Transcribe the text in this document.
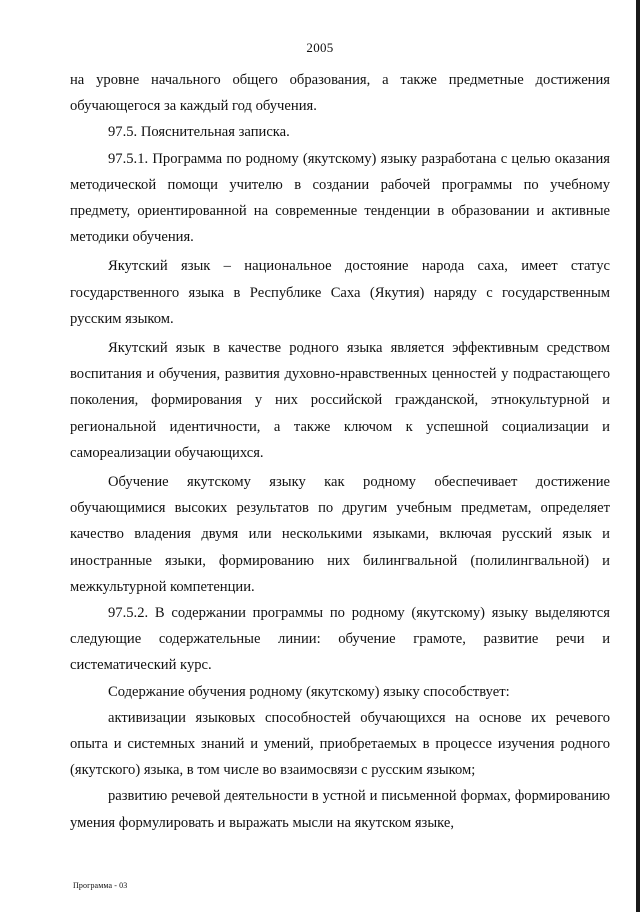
2005

на уровне начального общего образования, а также предметные достижения обучающегося за каждый год обучения.

97.5. Пояснительная записка.

97.5.1. Программа по родному (якутскому) языку разработана с целью оказания методической помощи учителю в создании рабочей программы по учебному предмету, ориентированной на современные тенденции в образовании и активные методики обучения.

Якутский язык – национальное достояние народа саха, имеет статус государственного языка в Республике Саха (Якутия) наряду с государственным русским языком.

Якутский язык в качестве родного языка является эффективным средством воспитания и обучения, развития духовно-нравственных ценностей у подрастающего поколения, формирования у них российской гражданской, этнокультурной и региональной идентичности, а также ключом к успешной социализации и самореализации обучающихся.

Обучение якутскому языку как родному обеспечивает достижение обучающимися высоких результатов по другим учебным предметам, определяет качество владения двумя или несколькими языками, включая русский язык и иностранные языки, формированию них билингвальной (полилингвальной) и межкультурной компетенции.

97.5.2. В содержании программы по родному (якутскому) языку выделяются следующие содержательные линии: обучение грамоте, развитие речи и систематический курс.

Содержание обучения родному (якутскому) языку способствует:

активизации языковых способностей обучающихся на основе их речевого опыта и системных знаний и умений, приобретаемых в процессе изучения родного (якутского) языка, в том числе во взаимосвязи с русским языком;

развитию речевой деятельности в устной и письменной формах, формированию умения формулировать и выражать мысли на якутском языке,

Программа - 03
